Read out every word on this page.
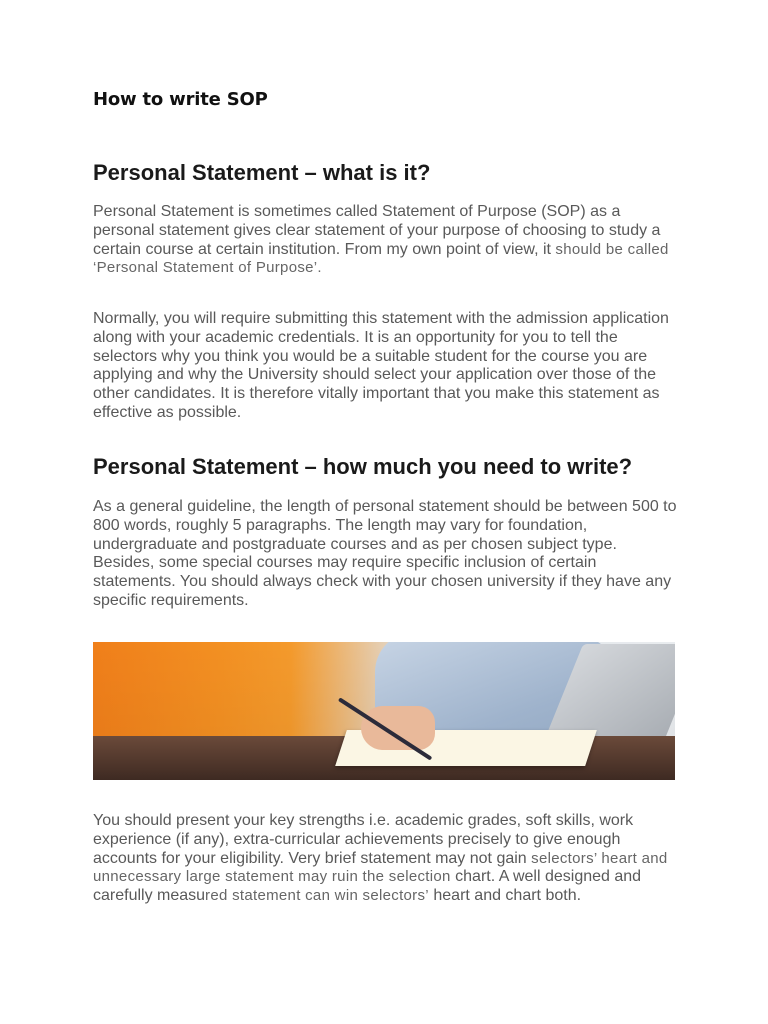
How to write SOP
Personal Statement – what is it?

Personal Statement is sometimes called Statement of Purpose (SOP) as a personal statement gives clear statement of your purpose of choosing to study a certain course at certain institution. From my own point of view, it should be called ‘Personal Statement of Purpose’.

Normally, you will require submitting this statement with the admission application along with your academic credentials. It is an opportunity for you to tell the selectors why you think you would be a suitable student for the course you are applying and why the University should select your application over those of the other candidates. It is therefore vitally important that you make this statement as effective as possible.

Personal Statement – how much you need to write?

As a general guideline, the length of personal statement should be between 500 to 800 words, roughly 5 paragraphs. The length may vary for foundation, undergraduate and postgraduate courses and as per chosen subject type. Besides, some special courses may require specific inclusion of certain statements. You should always check with your chosen university if they have any specific requirements.

You should present your key strengths i.e. academic grades, soft skills, work experience (if any), extra-curricular achievements precisely to give enough accounts for your eligibility. Very brief statement may not gain selectors’ heart and unnecessary large statement may ruin the selection chart. A well designed and carefully measured statement can win selectors’ heart and chart both.
